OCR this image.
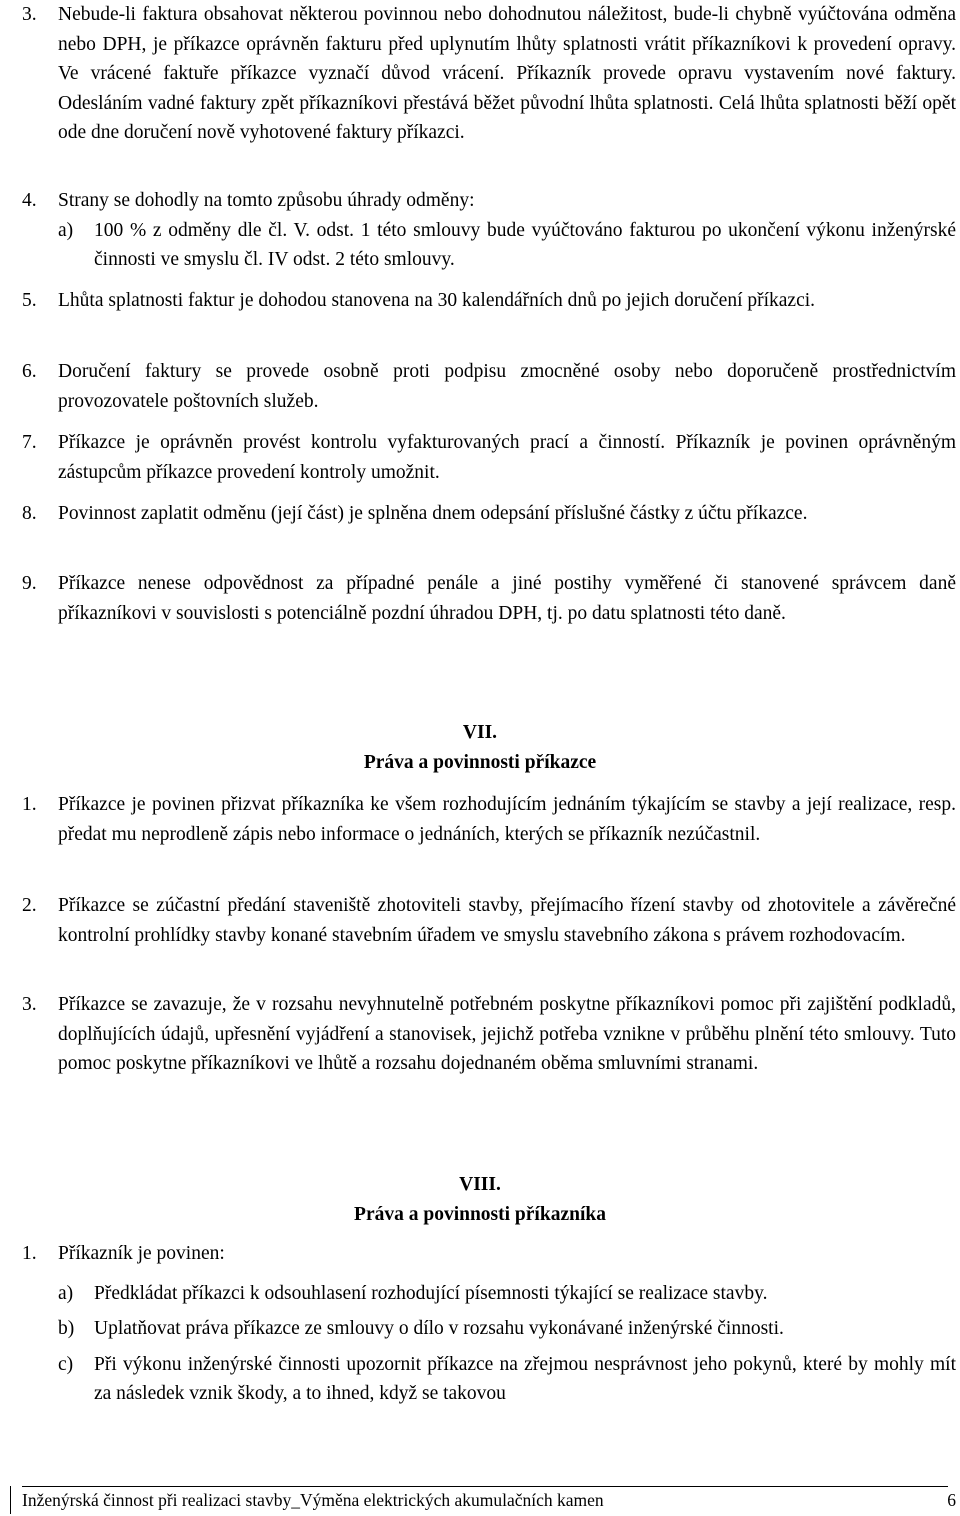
3.	Nebude-li faktura obsahovat některou povinnou nebo dohodnutou náležitost, bude-li chybně vyúčtována odměna nebo DPH, je příkazce oprávněn fakturu před uplynutím lhůty splatnosti vrátit příkazníkovi k provedení opravy. Ve vrácené faktuře příkazce vyznačí důvod vrácení. Příkazník provede opravu vystavením nové faktury. Odesláním vadné faktury zpět příkazníkovi přestává běžet původní lhůta splatnosti. Celá lhůta splatnosti běží opět ode dne doručení nově vyhotovené faktury příkazci.
4.	Strany se dohodly na tomto způsobu úhrady odměny:
a)	100 % z odměny dle čl. V. odst. 1 této smlouvy bude vyúčtováno fakturou po ukončení výkonu inženýrské činnosti ve smyslu čl. IV odst. 2 této smlouvy.
5.	Lhůta splatnosti faktur je dohodou stanovena na 30 kalendářních dnů po jejich doručení příkazci.
6.	Doručení faktury se provede osobně proti podpisu zmocněné osoby nebo doporučeně prostřednictvím provozovatele poštovních služeb.
7.	Příkazce je oprávněn provést kontrolu vyfakturovaných prací a činností. Příkazník je povinen oprávněným zástupcům příkazce provedení kontroly umožnit.
8.	Povinnost zaplatit odměnu (její část) je splněna dnem odepsání příslušné částky z účtu příkazce.
9.	Příkazce nenese odpovědnost za případné penále a jiné postihy vyměřené či stanovené správcem daně příkazníkovi v souvislosti s potenciálně pozdní úhradou DPH, tj. po datu splatnosti této daně.
VII.
Práva a povinnosti příkazce
1.	Příkazce je povinen přizvat příkazníka ke všem rozhodujícím jednáním týkajícím se stavby a její realizace, resp. předat mu neprodleně zápis nebo informace o jednáních, kterých se příkazník nezúčastnil.
2.	Příkazce se zúčastní předání staveniště zhotoviteli stavby, přejímacího řízení stavby od zhotovitele a závěrečné kontrolní prohlídky stavby konané stavebním úřadem ve smyslu stavebního zákona s právem rozhodovacím.
3.	Příkazce se zavazuje, že v rozsahu nevyhnutelně potřebném poskytne příkazníkovi pomoc při zajištění podkladů, doplňujících údajů, upřesnění vyjádření a stanovisek, jejichž potřeba vznikne v průběhu plnění této smlouvy. Tuto pomoc poskytne příkazníkovi ve lhůtě a rozsahu dojednaném oběma smluvními stranami.
VIII.
Práva a povinnosti příkazníka
1.	Příkazník je povinen:
a)	Předkládat příkazci k odsouhlasení rozhodující písemnosti týkající se realizace stavby.
b)	Uplatňovat práva příkazce ze smlouvy o dílo v rozsahu vykonávané inženýrské činnosti.
c)	Při výkonu inženýrské činnosti upozornit příkazce na zřejmou nesprávnost jeho pokynů, které by mohly mít za následek vznik škody, a to ihned, když se takovou
Inženýrská činnost při realizaci stavby_Výměna elektrických akumulačních kamen	6
